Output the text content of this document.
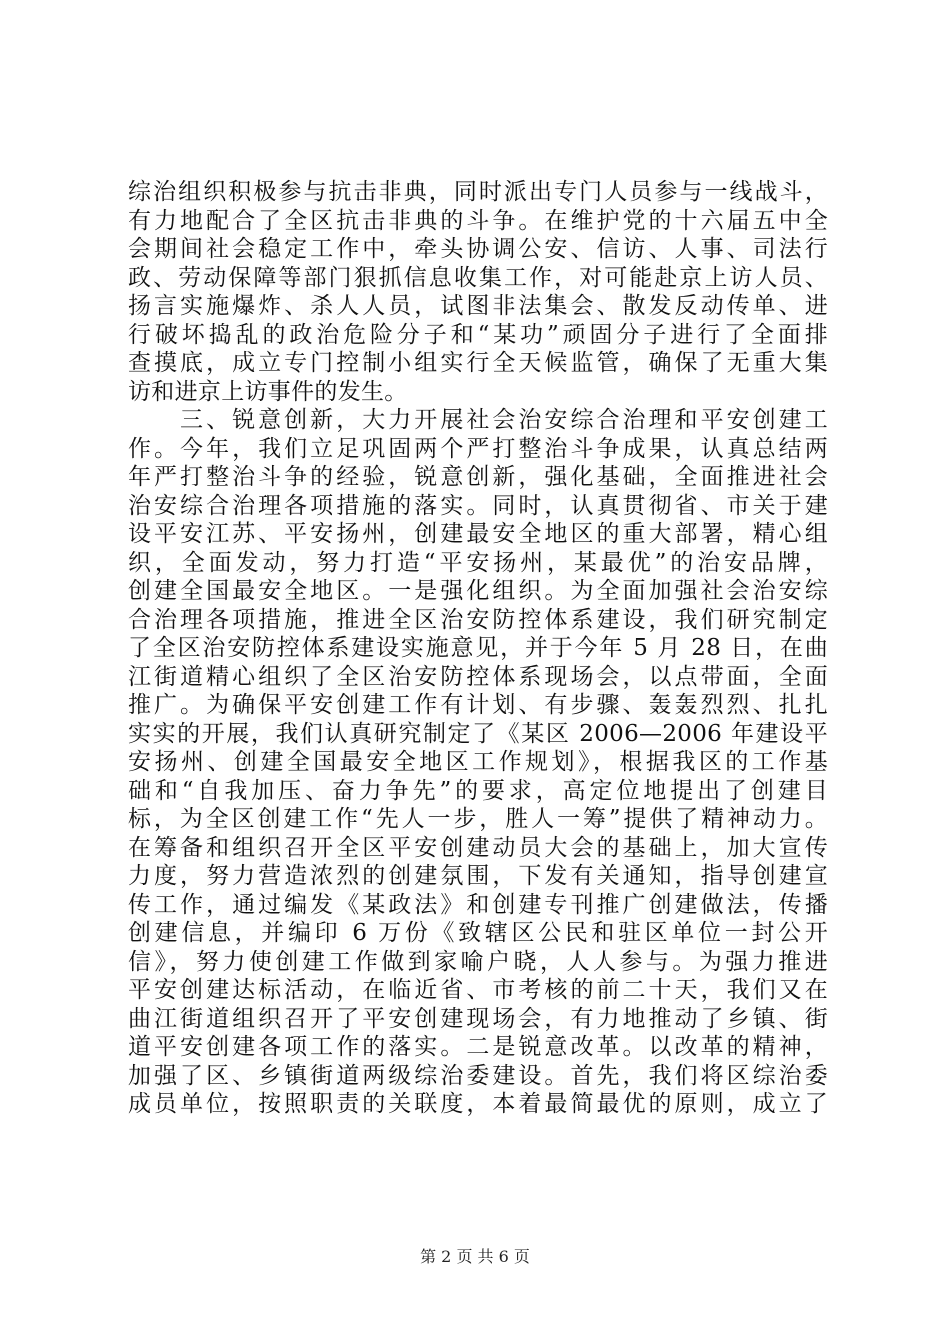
综治组织积极参与抗击非典，同时派出专门人员参与一线战斗，
有力地配合了全区抗击非典的斗争。在维护党的十六届五中全
会期间社会稳定工作中，牵头协调公安、信访、人事、司法行
政、劳动保障等部门狠抓信息收集工作，对可能赴京上访人员、
扬言实施爆炸、杀人人员，试图非法集会、散发反动传单、进
行破坏捣乱的政治危险分子和“某功”顽固分子进行了全面排
查摸底，成立专门控制小组实行全天候监管，确保了无重大集
访和进京上访事件的发生。
　　三、锐意创新，大力开展社会治安综合治理和平安创建工
作。今年，我们立足巩固两个严打整治斗争成果，认真总结两
年严打整治斗争的经验，锐意创新，强化基础，全面推进社会
治安综合治理各项措施的落实。同时，认真贯彻省、市关于建
设平安江苏、平安扬州，创建最安全地区的重大部署，精心组
织，全面发动，努力打造“平安扬州，某最优”的治安品牌，
创建全国最安全地区。一是强化组织。为全面加强社会治安综
合治理各项措施，推进全区治安防控体系建设，我们研究制定
了全区治安防控体系建设实施意见，并于今年 5 月 28 日，在曲
江街道精心组织了全区治安防控体系现场会，以点带面，全面
推广。为确保平安创建工作有计划、有步骤、轰轰烈烈、扎扎
实实的开展，我们认真研究制定了《某区 2006—2006 年建设平
安扬州、创建全国最安全地区工作规划》，根据我区的工作基
础和“自我加压、奋力争先”的要求，高定位地提出了创建目
标，为全区创建工作“先人一步，胜人一筹”提供了精神动力。
在筹备和组织召开全区平安创建动员大会的基础上，加大宣传
力度，努力营造浓烈的创建氛围，下发有关通知，指导创建宣
传工作，通过编发《某政法》和创建专刊推广创建做法，传播
创建信息，并编印 6 万份《致辖区公民和驻区单位一封公开
信》，努力使创建工作做到家喻户晓，人人参与。为强力推进
平安创建达标活动，在临近省、市考核的前二十天，我们又在
曲江街道组织召开了平安创建现场会，有力地推动了乡镇、街
道平安创建各项工作的落实。二是锐意改革。以改革的精神，
加强了区、乡镇街道两级综治委建设。首先，我们将区综治委
成员单位，按照职责的关联度，本着最简最优的原则，成立了
第 2 页 共 6 页
